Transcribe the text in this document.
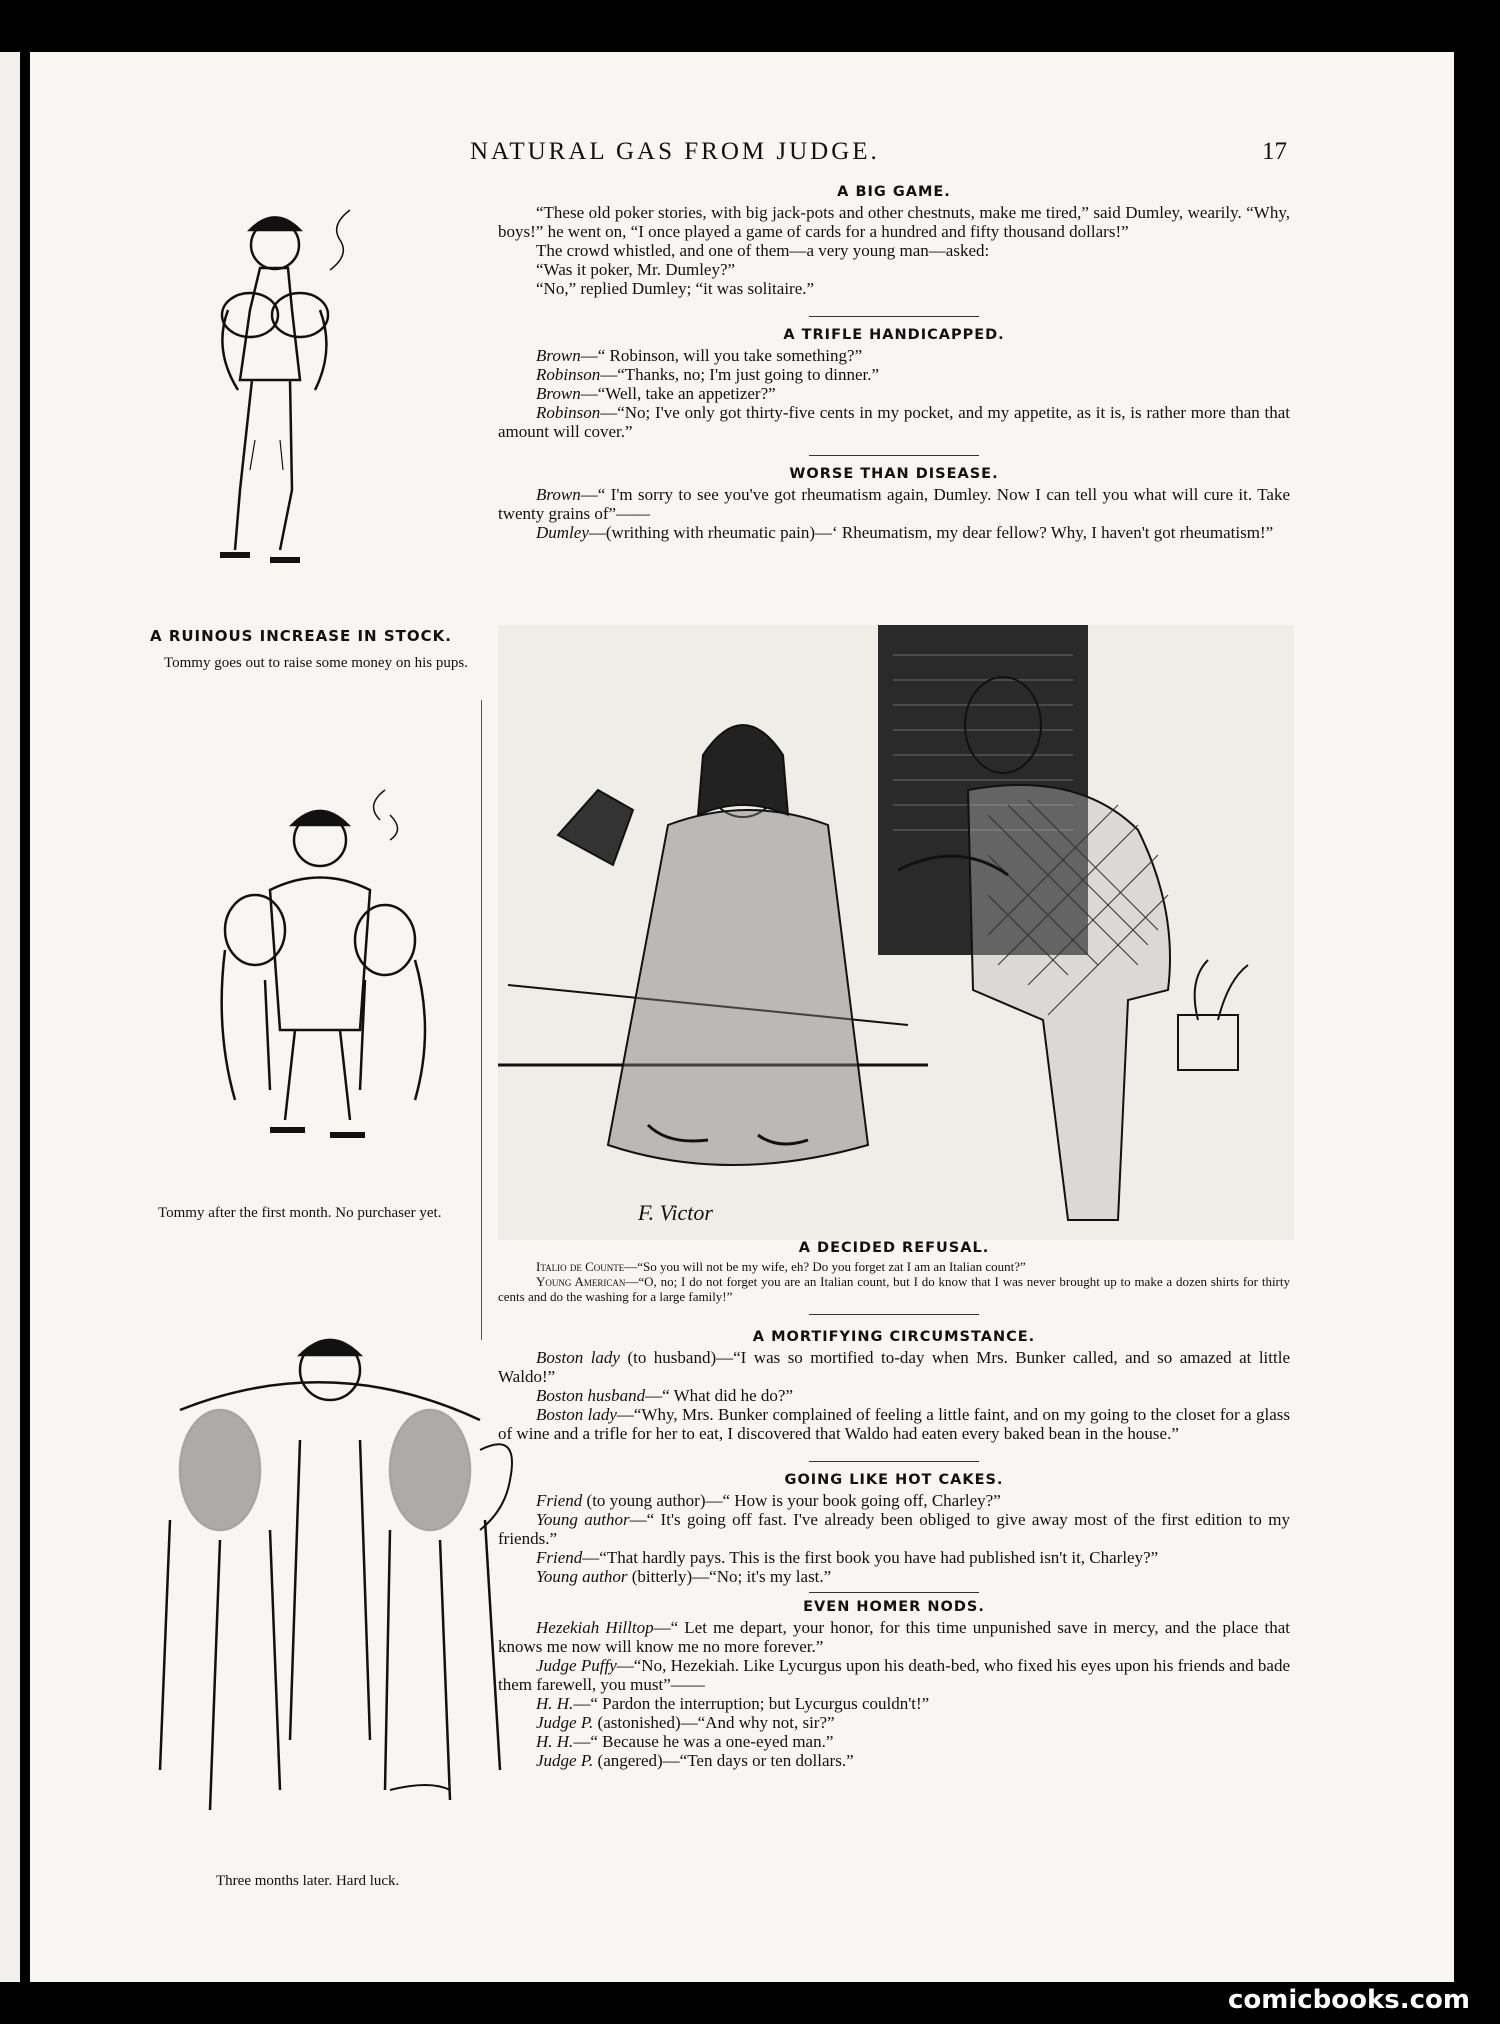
NATURAL GAS FROM JUDGE.	17
A RUINOUS INCREASE IN STOCK.
Tommy goes out to raise some money on his pups.
Tommy after the first month. No purchaser yet.
Three months later. Hard luck.
A BIG GAME.

“These old poker stories, with big jack-pots and other chestnuts, make me tired,” said Dumley, wearily. “Why, boys!” he went on, “I once played a game of cards for a hundred and fifty thousand dollars!”

The crowd whistled, and one of them—a very young man—asked:

“Was it poker, Mr. Dumley?”

“No,” replied Dumley; “it was solitaire.”

A TRIFLE HANDICAPPED.

Brown—“ Robinson, will you take something?”

Robinson—“Thanks, no; I'm just going to dinner.”

Brown—“Well, take an appetizer?”

Robinson—“No; I've only got thirty-five cents in my pocket, and my appetite, as it is, is rather more than that amount will cover.”

WORSE THAN DISEASE.

Brown—“ I'm sorry to see you've got rheumatism again, Dumley. Now I can tell you what will cure it. Take twenty grains of”——

Dumley—(writhing with rheumatic pain)—‘ Rheumatism, my dear fellow? Why, I haven't got rheumatism!”

F. Victor
A DECIDED REFUSAL.

Italio de Counte—“So you will not be my wife, eh? Do you forget zat I am an Italian count?”

Young American—“O, no; I do not forget you are an Italian count, but I do know that I was never brought up to make a dozen shirts for thirty cents and do the washing for a large family!”

A MORTIFYING CIRCUMSTANCE.

Boston lady (to husband)—“I was so mortified to-day when Mrs. Bunker called, and so amazed at little Waldo!”

Boston husband—“ What did he do?”

Boston lady—“Why, Mrs. Bunker complained of feeling a little faint, and on my going to the closet for a glass of wine and a trifle for her to eat, I discovered that Waldo had eaten every baked bean in the house.”

GOING LIKE HOT CAKES.

Friend (to young author)—“ How is your book going off, Charley?”

Young author—“ It's going off fast. I've already been obliged to give away most of the first edition to my friends.”

Friend—“That hardly pays. This is the first book you have had published isn't it, Charley?”

Young author (bitterly)—“No; it's my last.”

EVEN HOMER NODS.

Hezekiah Hilltop—“ Let me depart, your honor, for this time unpunished save in mercy, and the place that knows me now will know me no more forever.”

Judge Puffy—“No, Hezekiah. Like Lycurgus upon his death-bed, who fixed his eyes upon his friends and bade them farewell, you must”——

H. H.—“ Pardon the interruption; but Lycurgus couldn't!”

Judge P. (astonished)—“And why not, sir?”

H. H.—“ Because he was a one-eyed man.”

Judge P. (angered)—“Ten days or ten dollars.”

comicbooks.com
